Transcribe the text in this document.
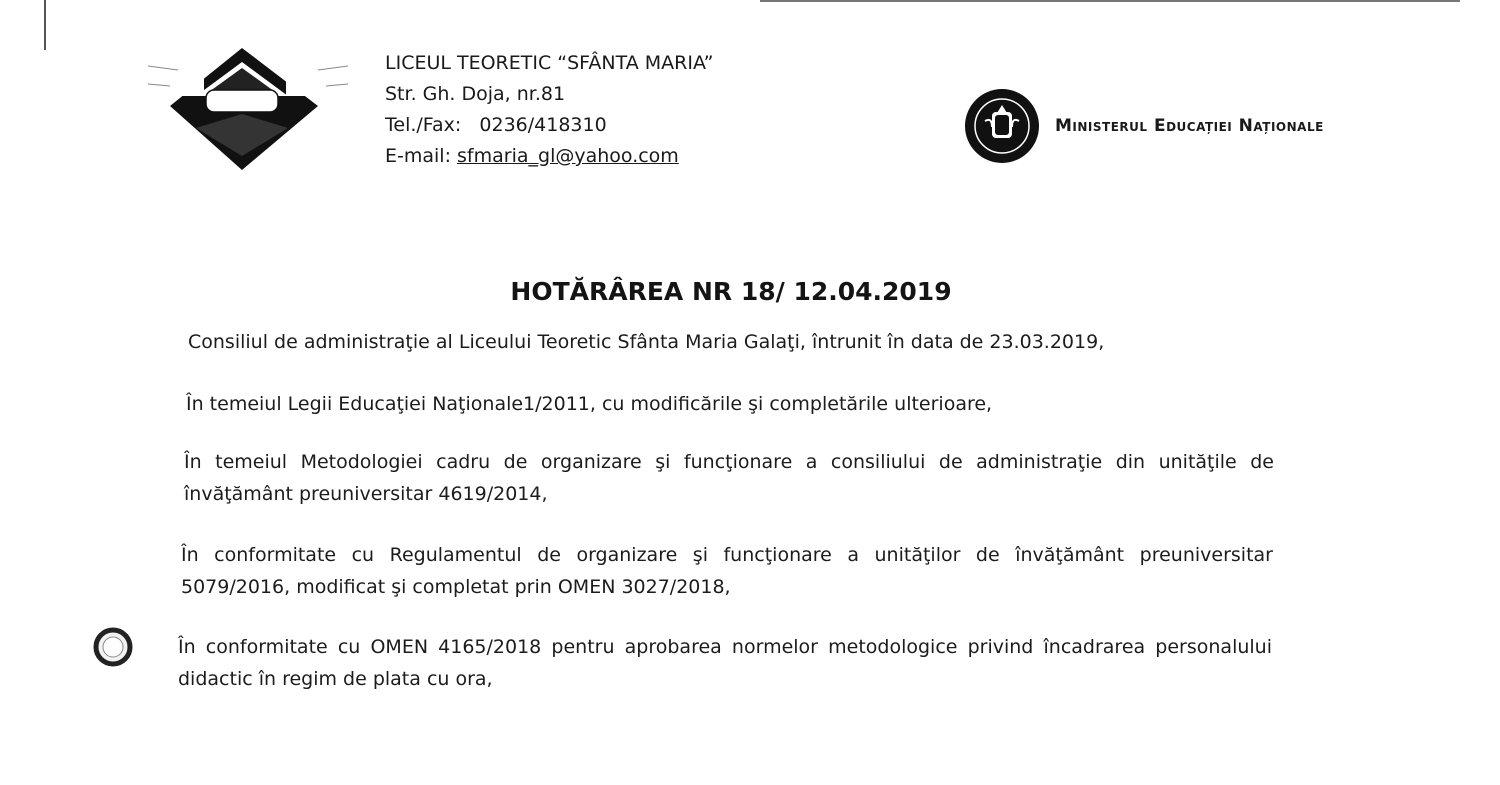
LICEUL TEORETIC “SFÂNTA MARIA”
Str. Gh. Doja, nr.81
Tel./Fax: 0236/418310
E-mail: sfmaria_gl@yahoo.com
Ministerul Educației Naționale
HOTĂRÂREA NR 18/ 12.04.2019

Consiliul de administraţie al Liceului Teoretic Sfânta Maria Galaţi, întrunit în data de 23.03.2019,

În temeiul Legii Educaţiei Naţionale1/2011, cu modificările şi completările ulterioare,

În temeiul Metodologiei cadru de organizare şi funcţionare a consiliului de administraţie din unităţile de învăţământ preuniversitar 4619/2014,

În conformitate cu Regulamentul de organizare şi funcţionare a unităţilor de învăţământ preuniversitar 5079/2016, modificat şi completat prin OMEN 3027/2018,

În conformitate cu OMEN 4165/2018 pentru aprobarea normelor metodologice privind încadrarea personalului didactic în regim de plata cu ora,
